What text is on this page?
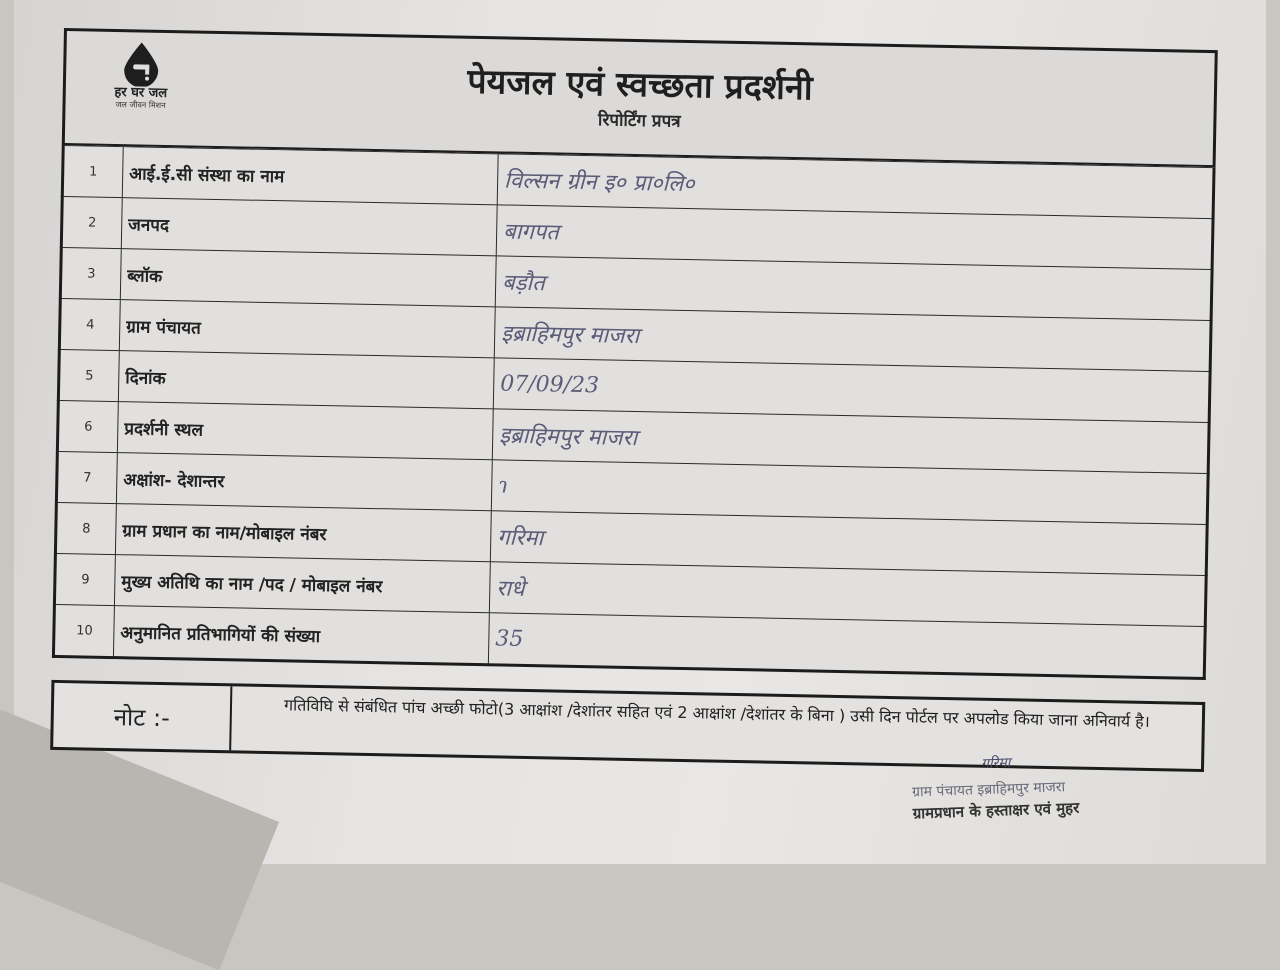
हर घर जल
जल जीवन मिशन	पेयजल एवं स्वच्छता प्रदर्शनी
रिपोर्टिंग प्रपत्र
1	आई.ई.सी संस्था का नाम	विल्सन ग्रीन इ० प्रा०लि०
2	जनपद	बागपत
3	ब्लॉक	बड़ौत
4	ग्राम पंचायत	इब्राहिमपुर माजरा
5	दिनांक	07/09/23
6	प्रदर्शनी स्थल	इब्राहिमपुर माजरा
7	अक्षांश- देशान्तर	ɿ
8	ग्राम प्रधान का नाम/मोबाइल नंबर	गरिमा
9	मुख्य अतिथि का नाम /पद / मोबाइल नंबर	राधे
10	अनुमानित प्रतिभागियों की संख्या	35
नोट :-	गतिविघि से संबंधित पांच अच्छी फोटो(3 आक्षांश /देशांतर सहित एवं 2 आक्षांश /देशांतर के बिना ) उसी दिन पोर्टल पर अपलोड किया जाना अनिवार्य है।
गरिमा
ग्राम पंचायत इब्राहिमपुर माजरा
ग्रामप्रधान के हस्ताक्षर एवं मुहर
